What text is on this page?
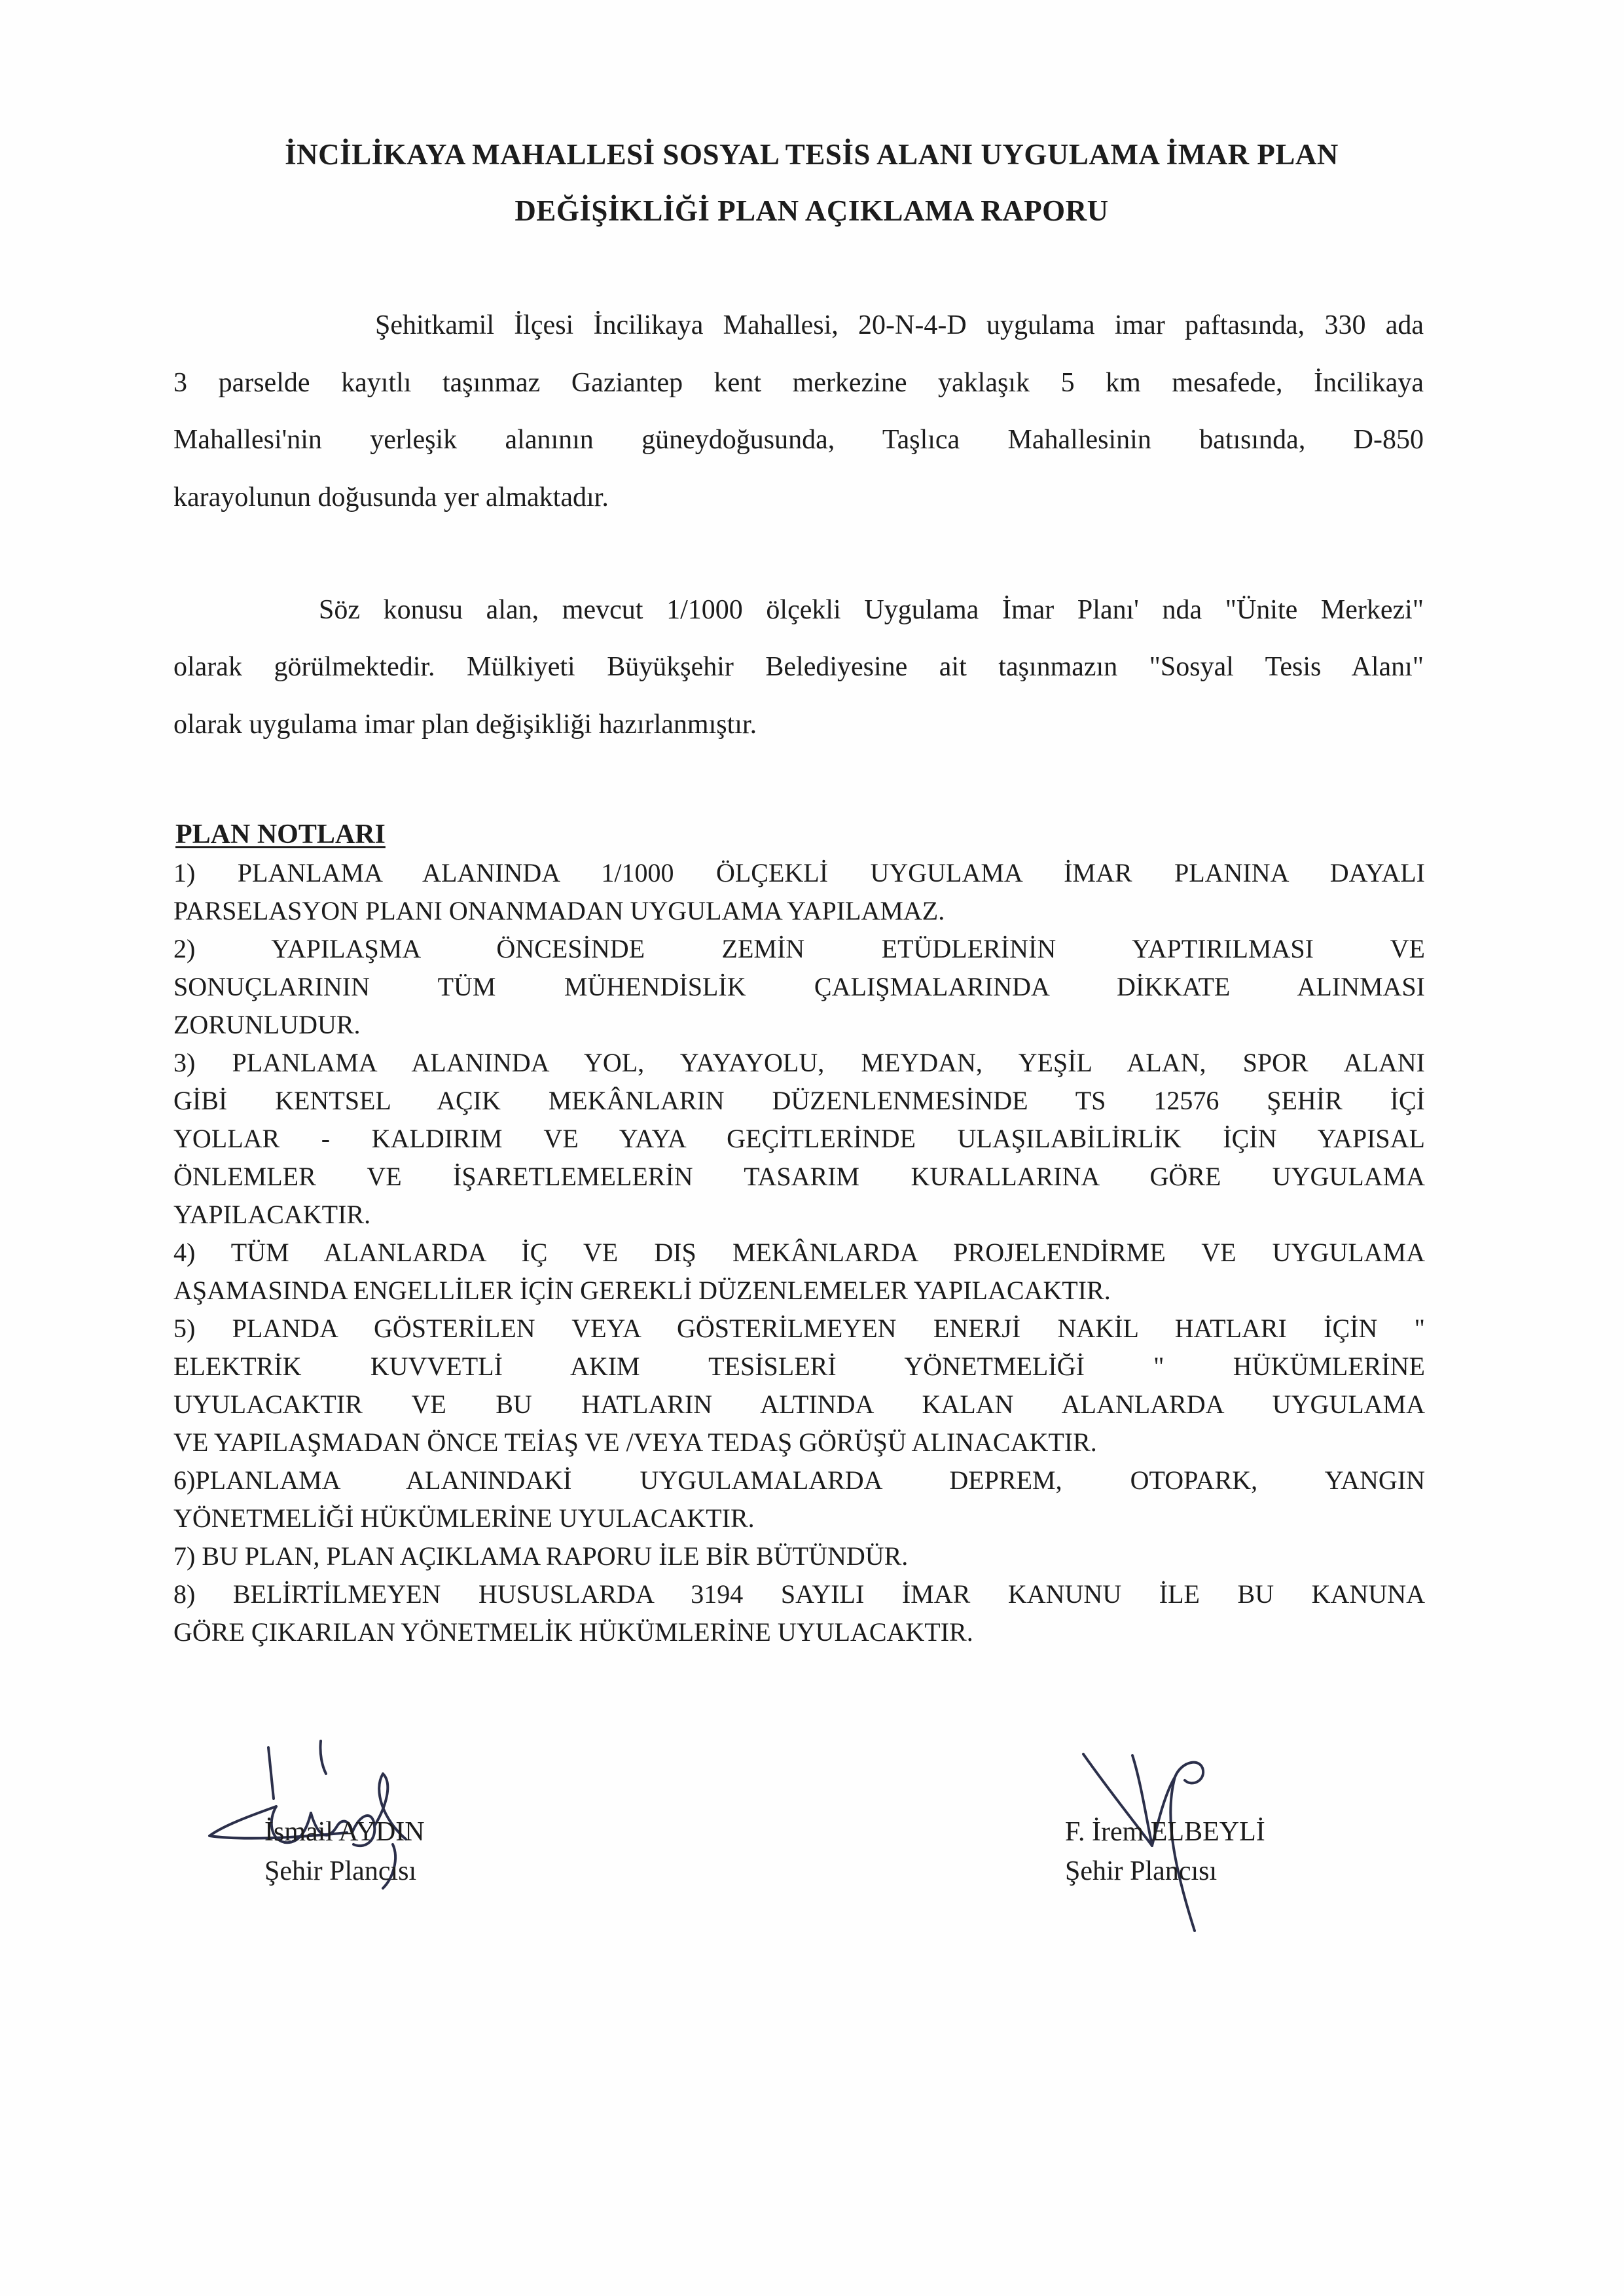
İNCİLİKAYA MAHALLESİ SOSYAL TESİS ALANI UYGULAMA İMAR PLAN
DEĞİŞİKLİĞİ PLAN AÇIKLAMA RAPORU
Şehitkamil İlçesi İncilikaya Mahallesi, 20-N-4-D uygulama imar paftasında, 330 ada
3 parselde kayıtlı taşınmaz Gaziantep kent merkezine yaklaşık 5 km mesafede, İncilikaya
Mahallesi'nin yerleşik alanının güneydoğusunda, Taşlıca Mahallesinin batısında, D-850
karayolunun doğusunda yer almaktadır.
Söz konusu alan, mevcut 1/1000 ölçekli Uygulama İmar Planı' nda "Ünite Merkezi"
olarak görülmektedir. Mülkiyeti Büyükşehir Belediyesine ait taşınmazın "Sosyal Tesis Alanı"
olarak uygulama imar plan değişikliği hazırlanmıştır.
PLAN NOTLARI
1) PLANLAMA ALANINDA 1/1000 ÖLÇEKLİ UYGULAMA İMAR PLANINA DAYALI
PARSELASYON PLANI ONANMADAN UYGULAMA YAPILAMAZ.
2) YAPILAŞMA ÖNCESİNDE ZEMİN ETÜDLERİNİN YAPTIRILMASI VE
SONUÇLARININ TÜM MÜHENDİSLİK ÇALIŞMALARINDA DİKKATE ALINMASI
ZORUNLUDUR.
3) PLANLAMA ALANINDA YOL, YAYAYOLU, MEYDAN, YEŞİL ALAN, SPOR ALANI
GİBİ KENTSEL AÇIK MEKÂNLARIN DÜZENLENMESİNDE TS 12576 ŞEHİR İÇİ
YOLLAR - KALDIRIM VE YAYA GEÇİTLERİNDE ULAŞILABİLİRLİK İÇİN YAPISAL
ÖNLEMLER VE İŞARETLEMELERİN TASARIM KURALLARINA GÖRE UYGULAMA
YAPILACAKTIR.
4) TÜM ALANLARDA İÇ VE DIŞ MEKÂNLARDA PROJELENDİRME VE UYGULAMA
AŞAMASINDA ENGELLİLER İÇİN GEREKLİ DÜZENLEMELER YAPILACAKTIR.
5) PLANDA GÖSTERİLEN VEYA GÖSTERİLMEYEN ENERJİ NAKİL HATLARI İÇİN "
ELEKTRİK KUVVETLİ AKIM TESİSLERİ YÖNETMELİĞİ " HÜKÜMLERİNE
UYULACAKTIR VE BU HATLARIN ALTINDA KALAN ALANLARDA UYGULAMA
VE YAPILAŞMADAN ÖNCE TEİAŞ VE /VEYA TEDAŞ GÖRÜŞÜ ALINACAKTIR.
6)PLANLAMA ALANINDAKİ UYGULAMALARDA DEPREM, OTOPARK, YANGIN
YÖNETMELİĞİ HÜKÜMLERİNE UYULACAKTIR.
7) BU PLAN, PLAN AÇIKLAMA RAPORU İLE BİR BÜTÜNDÜR.
8) BELİRTİLMEYEN HUSUSLARDA 3194 SAYILI İMAR KANUNU İLE BU KANUNA
GÖRE ÇIKARILAN YÖNETMELİK HÜKÜMLERİNE UYULACAKTIR.
İsmail AYDIN
Şehir Plancısı
F. İrem ELBEYLİ
Şehir Plancısı
